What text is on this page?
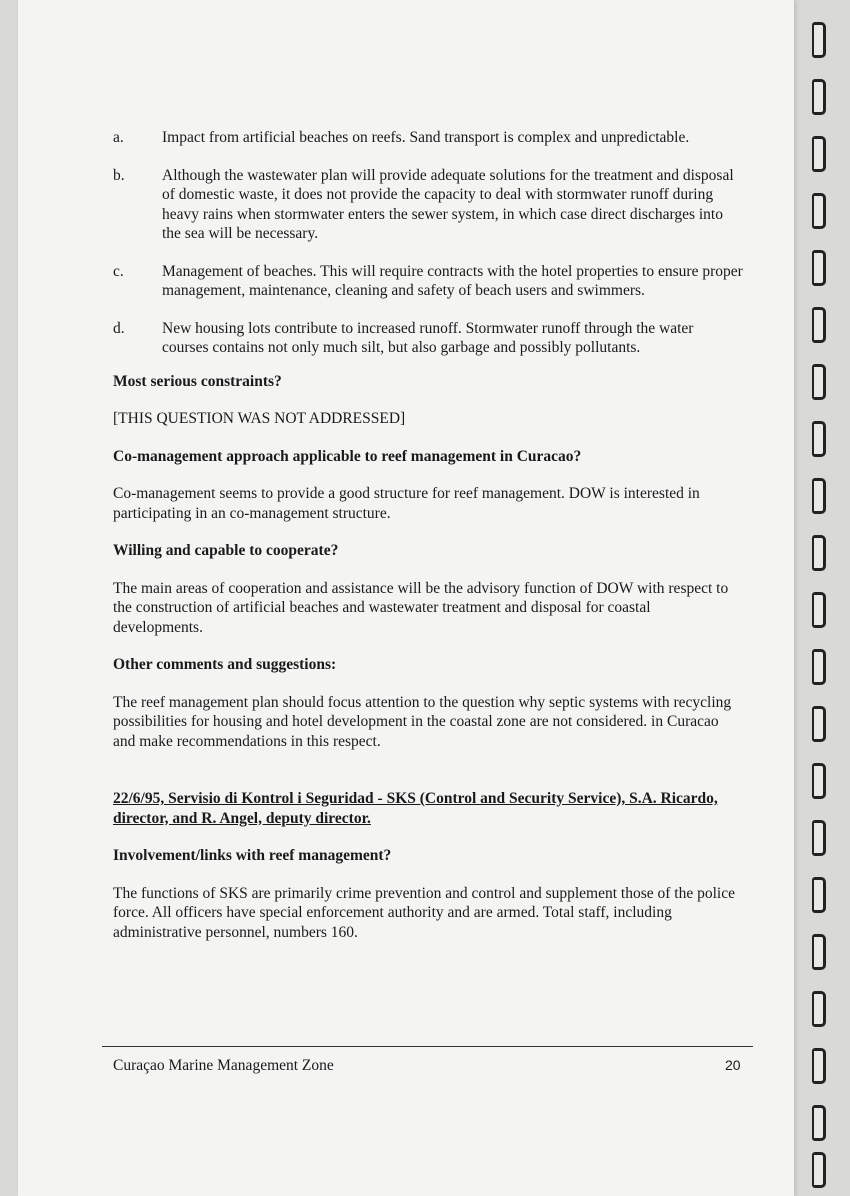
a.	Impact from artificial beaches on reefs. Sand transport is complex and unpredictable.
b.	Although the wastewater plan will provide adequate solutions for the treatment and disposal of domestic waste, it does not provide the capacity to deal with stormwater runoff during heavy rains when stormwater enters the sewer system, in which case direct discharges into the sea will be necessary.
c.	Management of beaches. This will require contracts with the hotel properties to ensure proper management, maintenance, cleaning and safety of beach users and swimmers.
d.	New housing lots contribute to increased runoff. Stormwater runoff through the water courses contains not only much silt, but also garbage and possibly pollutants.
Most serious constraints?

[THIS QUESTION WAS NOT ADDRESSED]

Co-management approach applicable to reef management in Curacao?

Co-management seems to provide a good structure for reef management. DOW is interested in participating in an co-management structure.

Willing and capable to cooperate?

The main areas of cooperation and assistance will be the advisory function of DOW with respect to the construction of artificial beaches and wastewater treatment and disposal for coastal developments.

Other comments and suggestions:

The reef management plan should focus attention to the question why septic systems with recycling possibilities for housing and hotel development in the coastal zone are not considered. in Curacao and make recommendations in this respect.

22/6/95, Servisio di Kontrol i Seguridad - SKS (Control and Security Service), S.A. Ricardo, director, and R. Angel, deputy director.
Involvement/links with reef management?

The functions of SKS are primarily crime prevention and control and supplement those of the police force. All officers have special enforcement authority and are armed. Total staff, including administrative personnel, numbers 160.

Curaçao Marine Management Zone	20
